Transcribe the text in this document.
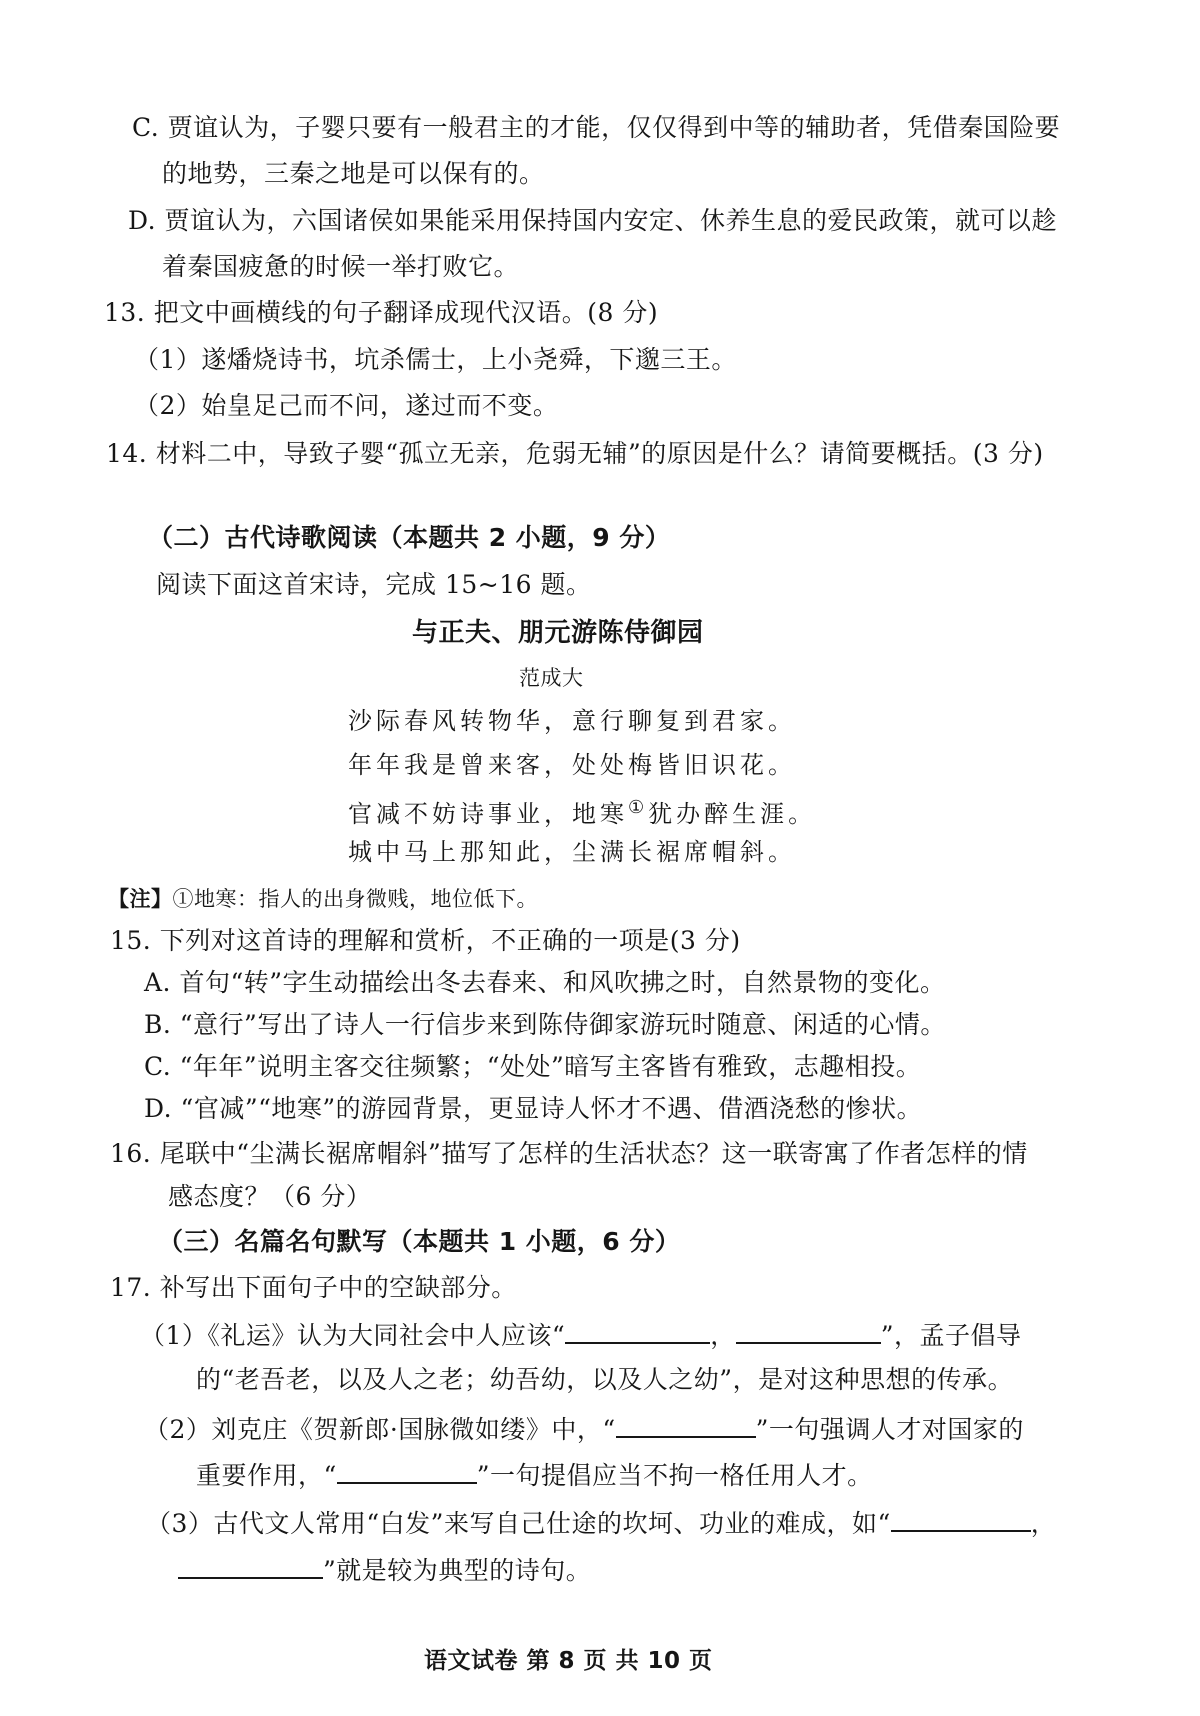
C. 贾谊认为，子婴只要有一般君主的才能，仅仅得到中等的辅助者，凭借秦国险要
的地势，三秦之地是可以保有的。
D. 贾谊认为，六国诸侯如果能采用保持国内安定、休养生息的爱民政策，就可以趁
着秦国疲惫的时候一举打败它。
13. 把文中画横线的句子翻译成现代汉语。(8 分)
（1）遂燔烧诗书，坑杀儒士，上小尧舜，下邈三王。
（2）始皇足己而不问，遂过而不变。
14. 材料二中，导致子婴“孤立无亲，危弱无辅”的原因是什么？请简要概括。(3 分)
（二）古代诗歌阅读（本题共 2 小题，9 分）
阅读下面这首宋诗，完成 15~16 题。
与正夫、朋元游陈侍御园
范成大
沙际春风转物华，意行聊复到君家。
年年我是曾来客，处处梅皆旧识花。
官减不妨诗事业，地寒①犹办醉生涯。
城中马上那知此，尘满长裾席帽斜。
【注】①地寒：指人的出身微贱，地位低下。
15. 下列对这首诗的理解和赏析，不正确的一项是(3 分)
A. 首句“转”字生动描绘出冬去春来、和风吹拂之时，自然景物的变化。
B. “意行”写出了诗人一行信步来到陈侍御家游玩时随意、闲适的心情。
C. “年年”说明主客交往频繁；“处处”暗写主客皆有雅致，志趣相投。
D. “官减”“地寒”的游园背景，更显诗人怀才不遇、借酒浇愁的惨状。
16. 尾联中“尘满长裾席帽斜”描写了怎样的生活状态？这一联寄寓了作者怎样的情
感态度？（6 分）
（三）名篇名句默写（本题共 1 小题，6 分）
17. 补写出下面句子中的空缺部分。
（1）《礼运》认为大同社会中人应该“	，	”，孟子倡导
的“老吾老，以及人之老；幼吾幼，以及人之幼”，是对这种思想的传承。
（2）刘克庄《贺新郎·国脉微如缕》中，“	”一句强调人才对国家的
重要作用，“	”一句提倡应当不拘一格任用人才。
（3）古代文人常用“白发”来写自己仕途的坎坷、功业的难成，如“	，
”就是较为典型的诗句。
语文试卷 第 8 页 共 10 页
